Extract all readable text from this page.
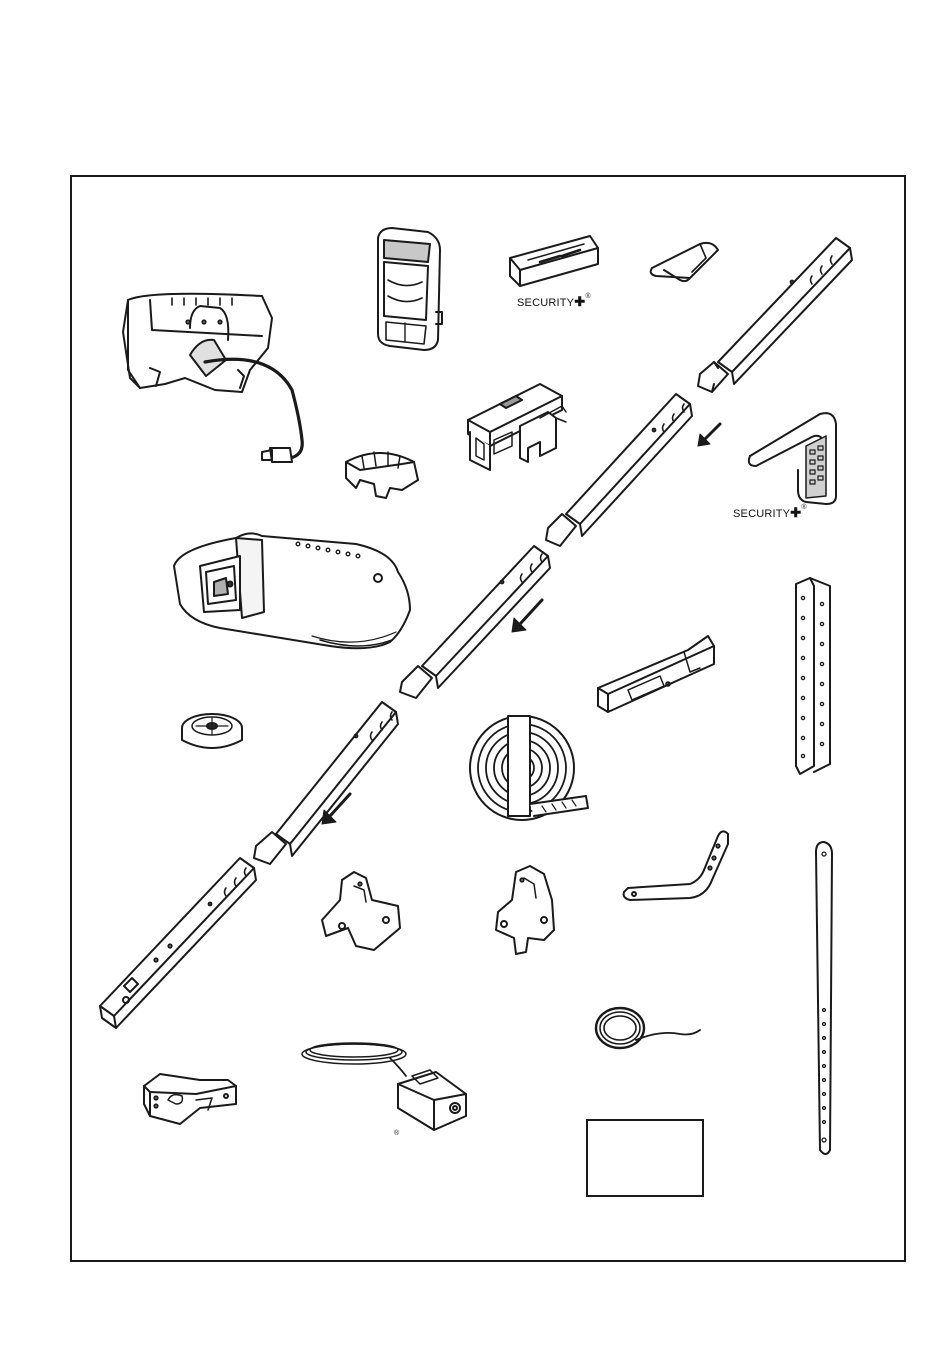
SECURITY✚®
SECURITY✚®
®
